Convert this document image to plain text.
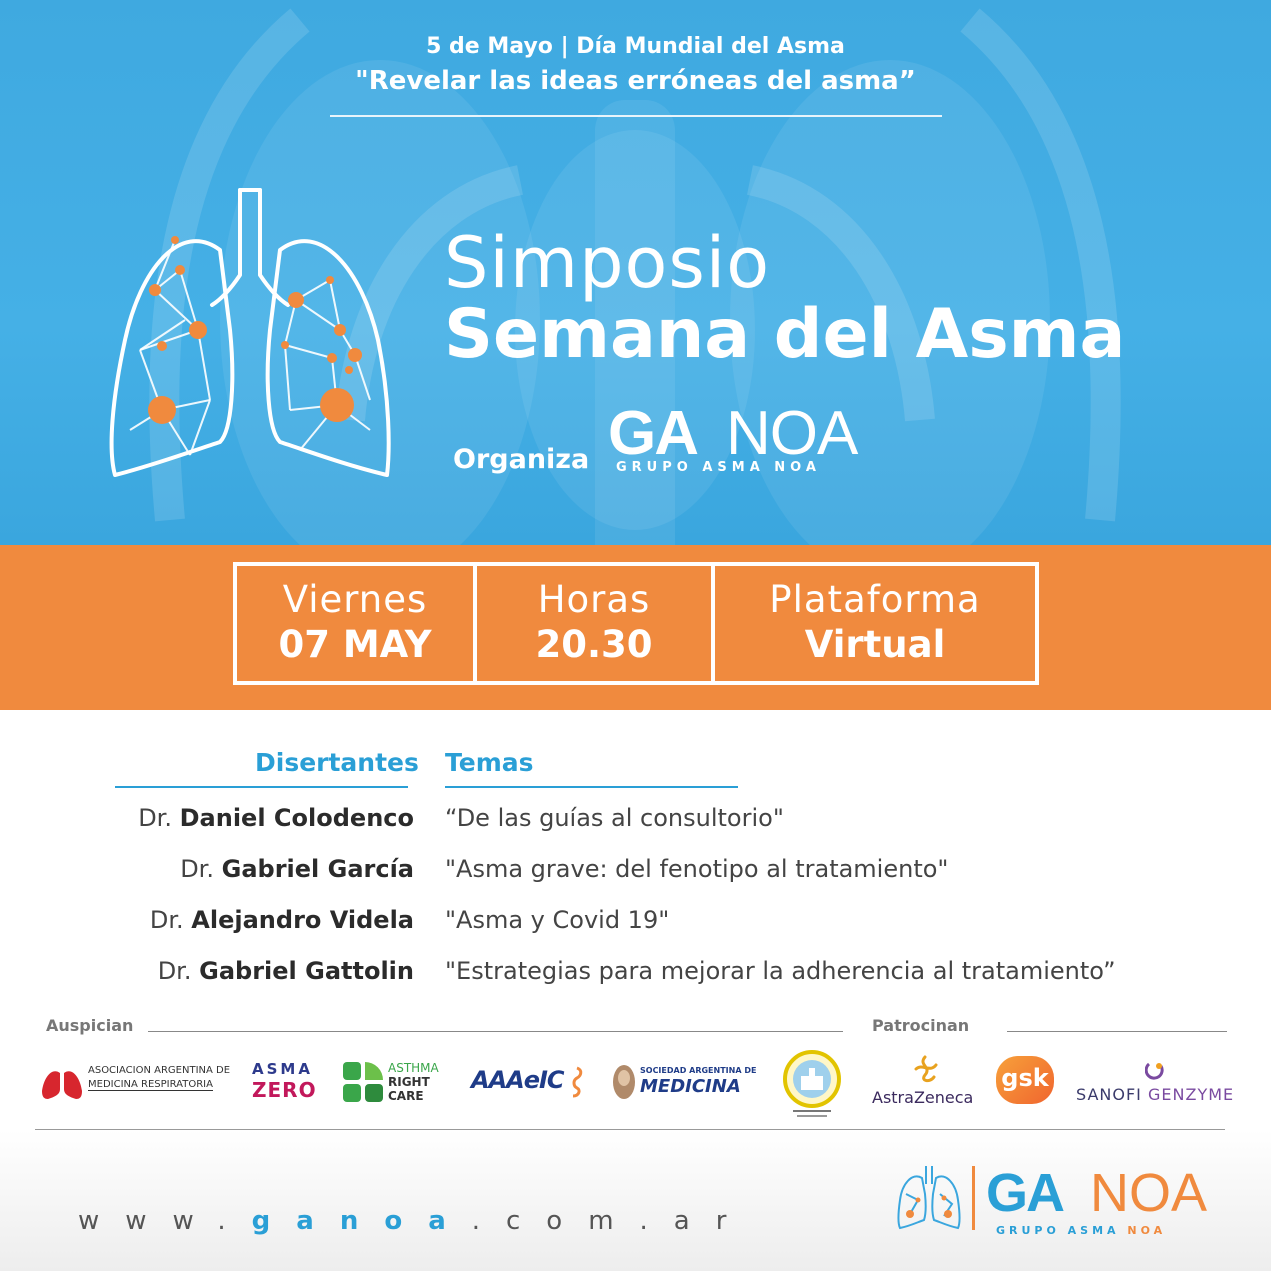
5 de Mayo | Día Mundial del Asma
"Revelar las ideas erróneas del asma”
Simposio
Semana del Asma
Organiza GA NOA
GRUPO ASMA NOA
Viernes
07 MAY
Horas
20.30
Plataforma
Virtual
Disertantes Temas
Dr. Daniel Colodenco “De las guías al consultorio"
Dr. Gabriel García "Asma grave: del fenotipo al tratamiento"
Dr. Alejandro Videla "Asma y Covid 19"
Dr. Gabriel Gattolin "Estrategias para mejorar la adherencia al tratamiento”
Auspician	Patrocinan
ASOCIACION ARGENTINA DE
MEDICINA RESPIRATORIA
ASMA
ZERO
ASTHMA
RIGHT
CARE
AAAeIC	SOCIEDAD ARGENTINA DE
MEDICINA
AstraZeneca
gsk
SANOFI GENZYME
www.ganoa.com.ar	GA NOA
GRUPO ASMA NOA
